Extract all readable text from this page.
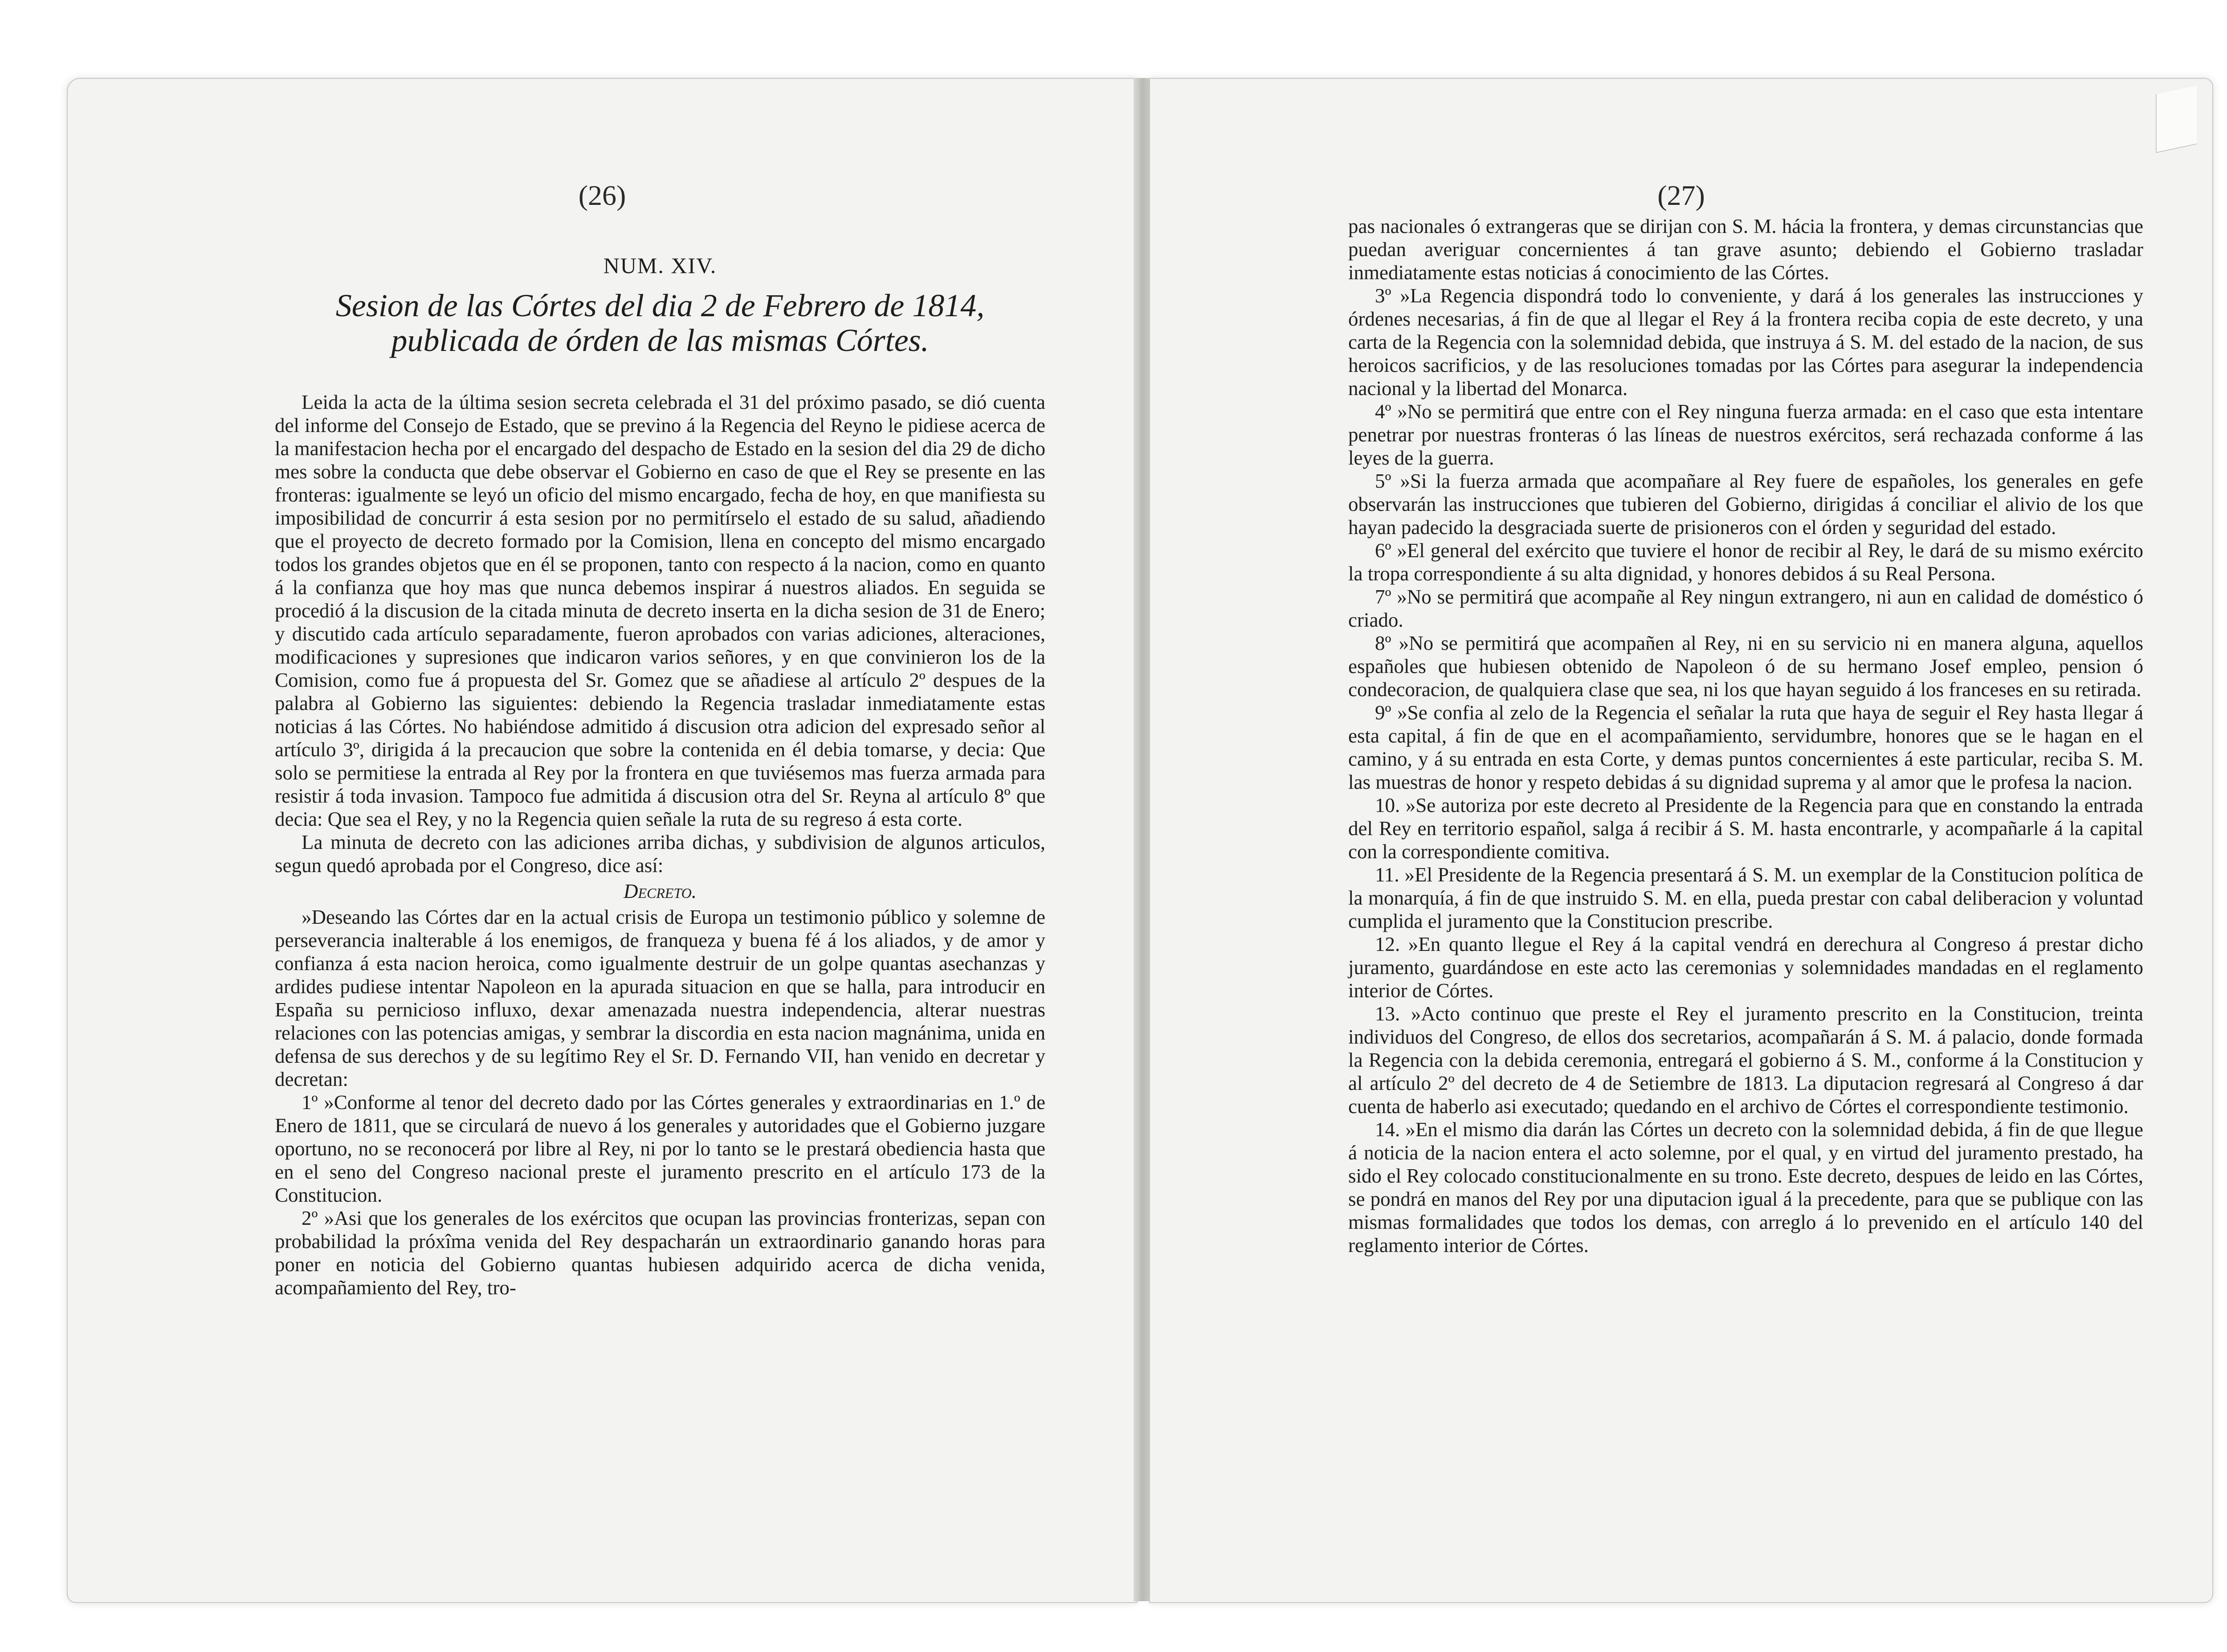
(26)
NUM. XIV.
Sesion de las Córtes del dia 2 de Febrero de 1814, publicada de órden de las mismas Córtes.

Leida la acta de la última sesion secreta celebrada el 31 del próximo pasado, se dió cuenta del informe del Consejo de Estado, que se previno á la Regencia del Reyno le pidiese acerca de la manifestacion hecha por el encargado del despacho de Estado en la sesion del dia 29 de dicho mes sobre la conducta que debe observar el Gobierno en caso de que el Rey se presente en las fronteras: igualmente se leyó un oficio del mismo encargado, fecha de hoy, en que manifiesta su imposibilidad de concurrir á esta sesion por no permitírselo el estado de su salud, añadiendo que el proyecto de decreto formado por la Comision, llena en concepto del mismo encargado todos los grandes objetos que en él se proponen, tanto con respecto á la nacion, como en quanto á la confianza que hoy mas que nunca debemos inspirar á nuestros aliados. En seguida se procedió á la discusion de la citada minuta de decreto inserta en la dicha sesion de 31 de Enero; y discutido cada artículo separadamente, fueron aprobados con varias adiciones, alteraciones, modificaciones y supresiones que indicaron varios señores, y en que convinieron los de la Comision, como fue á propuesta del Sr. Gomez que se añadiese al artículo 2º despues de la palabra al Gobierno las siguientes: debiendo la Regencia trasladar inmediatamente estas noticias á las Córtes. No habiéndose admitido á discusion otra adicion del expresado señor al artículo 3º, dirigida á la precaucion que sobre la contenida en él debia tomarse, y decia: Que solo se permitiese la entrada al Rey por la frontera en que tuviésemos mas fuerza armada para resistir á toda invasion. Tampoco fue admitida á discusion otra del Sr. Reyna al artículo 8º que decia: Que sea el Rey, y no la Regencia quien señale la ruta de su regreso á esta corte.

La minuta de decreto con las adiciones arriba dichas, y subdivision de algunos articulos, segun quedó aprobada por el Congreso, dice así:

Decreto.

»Deseando las Córtes dar en la actual crisis de Europa un testimonio público y solemne de perseverancia inalterable á los enemigos, de franqueza y buena fé á los aliados, y de amor y confianza á esta nacion heroica, como igualmente destruir de un golpe quantas asechanzas y ardides pudiese intentar Napoleon en la apurada situacion en que se halla, para introducir en España su pernicioso influxo, dexar amenazada nuestra independencia, alterar nuestras relaciones con las potencias amigas, y sembrar la discordia en esta nacion magnánima, unida en defensa de sus derechos y de su legítimo Rey el Sr. D. Fernando VII, han venido en decretar y decretan:

1º »Conforme al tenor del decreto dado por las Córtes generales y extraordinarias en 1.º de Enero de 1811, que se circulará de nuevo á los generales y autoridades que el Gobierno juzgare oportuno, no se reconocerá por libre al Rey, ni por lo tanto se le prestará obediencia hasta que en el seno del Congreso nacional preste el juramento prescrito en el artículo 173 de la Constitucion.

2º »Asi que los generales de los exércitos que ocupan las provincias fronterizas, sepan con probabilidad la próxîma venida del Rey despacharán un extraordinario ganando horas para poner en noticia del Gobierno quantas hubiesen adquirido acerca de dicha venida, acompañamiento del Rey, tro-

(27)

pas nacionales ó extrangeras que se dirijan con S. M. hácia la frontera, y demas circunstancias que puedan averiguar concernientes á tan grave asunto; debiendo el Gobierno trasladar inmediatamente estas noticias á conocimiento de las Córtes.

3º »La Regencia dispondrá todo lo conveniente, y dará á los generales las instrucciones y órdenes necesarias, á fin de que al llegar el Rey á la frontera reciba copia de este decreto, y una carta de la Regencia con la solemnidad debida, que instruya á S. M. del estado de la nacion, de sus heroicos sacrificios, y de las resoluciones tomadas por las Córtes para asegurar la independencia nacional y la libertad del Monarca.

4º »No se permitirá que entre con el Rey ninguna fuerza armada: en el caso que esta intentare penetrar por nuestras fronteras ó las líneas de nuestros exércitos, será rechazada conforme á las leyes de la guerra.

5º »Si la fuerza armada que acompañare al Rey fuere de españoles, los generales en gefe observarán las instrucciones que tubieren del Gobierno, dirigidas á conciliar el alivio de los que hayan padecido la desgraciada suerte de prisioneros con el órden y seguridad del estado.

6º »El general del exército que tuviere el honor de recibir al Rey, le dará de su mismo exército la tropa correspondiente á su alta dignidad, y honores debidos á su Real Persona.

7º »No se permitirá que acompañe al Rey ningun extrangero, ni aun en calidad de doméstico ó criado.

8º »No se permitirá que acompañen al Rey, ni en su servicio ni en manera alguna, aquellos españoles que hubiesen obtenido de Napoleon ó de su hermano Josef empleo, pension ó condecoracion, de qualquiera clase que sea, ni los que hayan seguido á los franceses en su retirada.

9º »Se confia al zelo de la Regencia el señalar la ruta que haya de seguir el Rey hasta llegar á esta capital, á fin de que en el acompañamiento, servidumbre, honores que se le hagan en el camino, y á su entrada en esta Corte, y demas puntos concernientes á este particular, reciba S. M. las muestras de honor y respeto debidas á su dignidad suprema y al amor que le profesa la nacion.

10. »Se autoriza por este decreto al Presidente de la Regencia para que en constando la entrada del Rey en territorio español, salga á recibir á S. M. hasta encontrarle, y acompañarle á la capital con la correspondiente comitiva.

11. »El Presidente de la Regencia presentará á S. M. un exemplar de la Constitucion política de la monarquía, á fin de que instruido S. M. en ella, pueda prestar con cabal deliberacion y voluntad cumplida el juramento que la Constitucion prescribe.

12. »En quanto llegue el Rey á la capital vendrá en derechura al Congreso á prestar dicho juramento, guardándose en este acto las ceremonias y solemnidades mandadas en el reglamento interior de Córtes.

13. »Acto continuo que preste el Rey el juramento prescrito en la Constitucion, treinta individuos del Congreso, de ellos dos secretarios, acompañarán á S. M. á palacio, donde formada la Regencia con la debida ceremonia, entregará el gobierno á S. M., conforme á la Constitucion y al artículo 2º del decreto de 4 de Setiembre de 1813. La diputacion regresará al Congreso á dar cuenta de haberlo asi executado; quedando en el archivo de Córtes el correspondiente testimonio.

14. »En el mismo dia darán las Córtes un decreto con la solemnidad debida, á fin de que llegue á noticia de la nacion entera el acto solemne, por el qual, y en virtud del juramento prestado, ha sido el Rey colocado constitucionalmente en su trono. Este decreto, despues de leido en las Córtes, se pondrá en manos del Rey por una diputacion igual á la precedente, para que se publique con las mismas formalidades que todos los demas, con arreglo á lo prevenido en el artículo 140 del reglamento interior de Córtes.
